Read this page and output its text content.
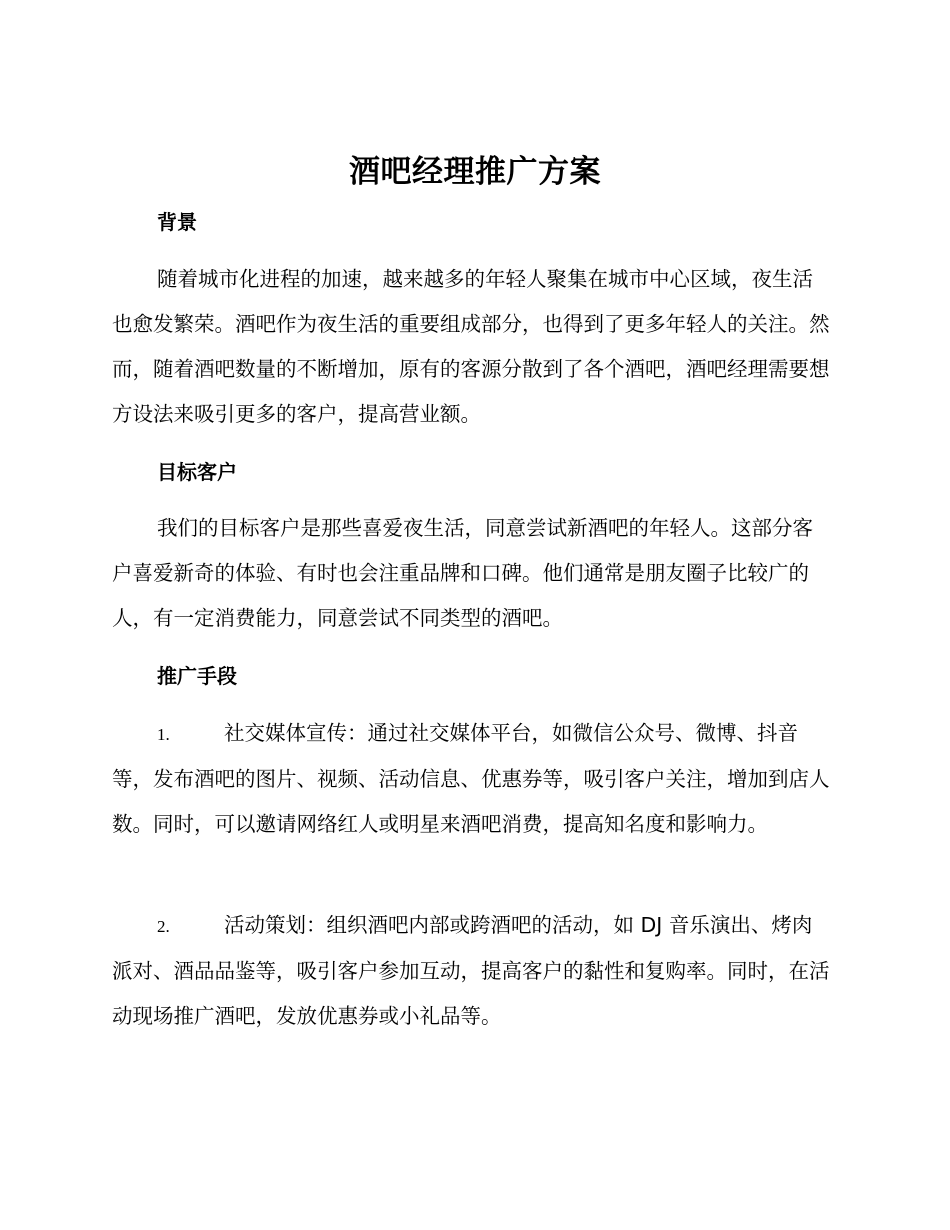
酒吧经理推广方案
背景

随着城市化进程的加速，越来越多的年轻人聚集在城市中心区域，夜生活也愈发繁荣。酒吧作为夜生活的重要组成部分，也得到了更多年轻人的关注。然而，随着酒吧数量的不断增加，原有的客源分散到了各个酒吧，酒吧经理需要想方设法来吸引更多的客户，提高营业额。

目标客户

我们的目标客户是那些喜爱夜生活，同意尝试新酒吧的年轻人。这部分客户喜爱新奇的体验、有时也会注重品牌和口碑。他们通常是朋友圈子比较广的人，有一定消费能力，同意尝试不同类型的酒吧。

推广手段

1.	社交媒体宣传：通过社交媒体平台，如微信公众号、微博、抖音等，发布酒吧的图片、视频、活动信息、优惠券等，吸引客户关注，增加到店人数。同时，可以邀请网络红人或明星来酒吧消费，提高知名度和影响力。

2.	活动策划：组织酒吧内部或跨酒吧的活动，如 DJ 音乐演出、烤肉派对、酒品品鉴等，吸引客户参加互动，提高客户的黏性和复购率。同时，在活动现场推广酒吧，发放优惠券或小礼品等。
